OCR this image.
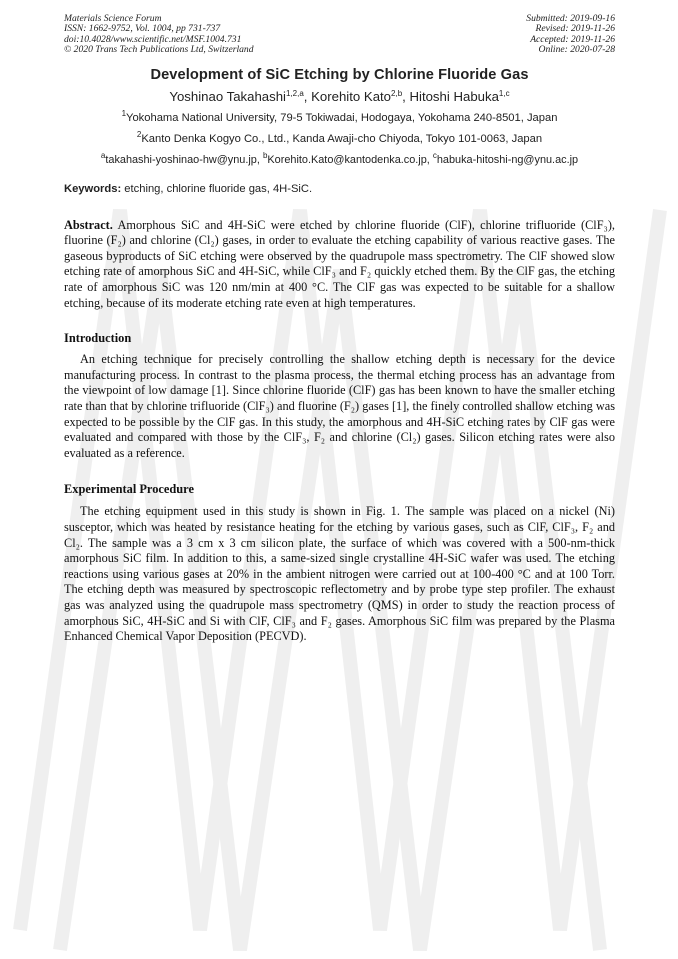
Materials Science Forum
ISSN: 1662-9752, Vol. 1004, pp 731-737
doi:10.4028/www.scientific.net/MSF.1004.731
© 2020 Trans Tech Publications Ltd, Switzerland
Submitted: 2019-09-16
Revised: 2019-11-26
Accepted: 2019-11-26
Online: 2020-07-28
Development of SiC Etching by Chlorine Fluoride Gas
Yoshinao Takahashi$^{1,2,a}$, Korehito Kato$^{2,b}$, Hitoshi Habuka$^{1,c}$
$^1$Yokohama National University, 79-5 Tokiwadai, Hodogaya, Yokohama 240-8501, Japan
$^2$Kanto Denka Kogyo Co., Ltd., Kanda Awaji-cho Chiyoda, Tokyo 101-0063, Japan
$^a$takahashi-yoshinao-hw@ynu.jp, $^b$Korehito.Kato@kantodenka.co.jp, $^c$habuka-hitoshi-ng@ynu.ac.jp
Keywords: etching, chlorine fluoride gas, 4H-SiC.
Abstract. Amorphous SiC and 4H-SiC were etched by chlorine fluoride (ClF), chlorine trifluoride (ClF₃), fluorine (F₂) and chlorine (Cl₂) gases, in order to evaluate the etching capability of various reactive gases. The gaseous byproducts of SiC etching were observed by the quadrupole mass spectrometry. The ClF showed slow etching rate of amorphous SiC and 4H-SiC, while ClF₃ and F₂ quickly etched them. By the ClF gas, the etching rate of amorphous SiC was 120 nm/min at 400 °C. The ClF gas was expected to be suitable for a shallow etching, because of its moderate etching rate even at high temperatures.
Introduction
An etching technique for precisely controlling the shallow etching depth is necessary for the device manufacturing process. In contrast to the plasma process, the thermal etching process has an advantage from the viewpoint of low damage [1]. Since chlorine fluoride (ClF) gas has been known to have the smaller etching rate than that by chlorine trifluoride (ClF₃) and fluorine (F₂) gases [1], the finely controlled shallow etching was expected to be possible by the ClF gas. In this study, the amorphous and 4H-SiC etching rates by ClF gas were evaluated and compared with those by the ClF₃, F₂ and chlorine (Cl₂) gases. Silicon etching rates were also evaluated as a reference.
Experimental Procedure
The etching equipment used in this study is shown in Fig. 1. The sample was placed on a nickel (Ni) susceptor, which was heated by resistance heating for the etching by various gases, such as ClF, ClF₃, F₂ and Cl₂. The sample was a 3 cm x 3 cm silicon plate, the surface of which was covered with a 500-nm-thick amorphous SiC film. In addition to this, a same-sized single crystalline 4H-SiC wafer was used. The etching reactions using various gases at 20% in the ambient nitrogen were carried out at 100-400 °C and at 100 Torr. The etching depth was measured by spectroscopic reflectometry and by probe type step profiler. The exhaust gas was analyzed using the quadrupole mass spectrometry (QMS) in order to study the reaction process of amorphous SiC, 4H-SiC and Si with ClF, ClF₃ and F₂ gases. Amorphous SiC film was prepared by the Plasma Enhanced Chemical Vapor Deposition (PECVD).
